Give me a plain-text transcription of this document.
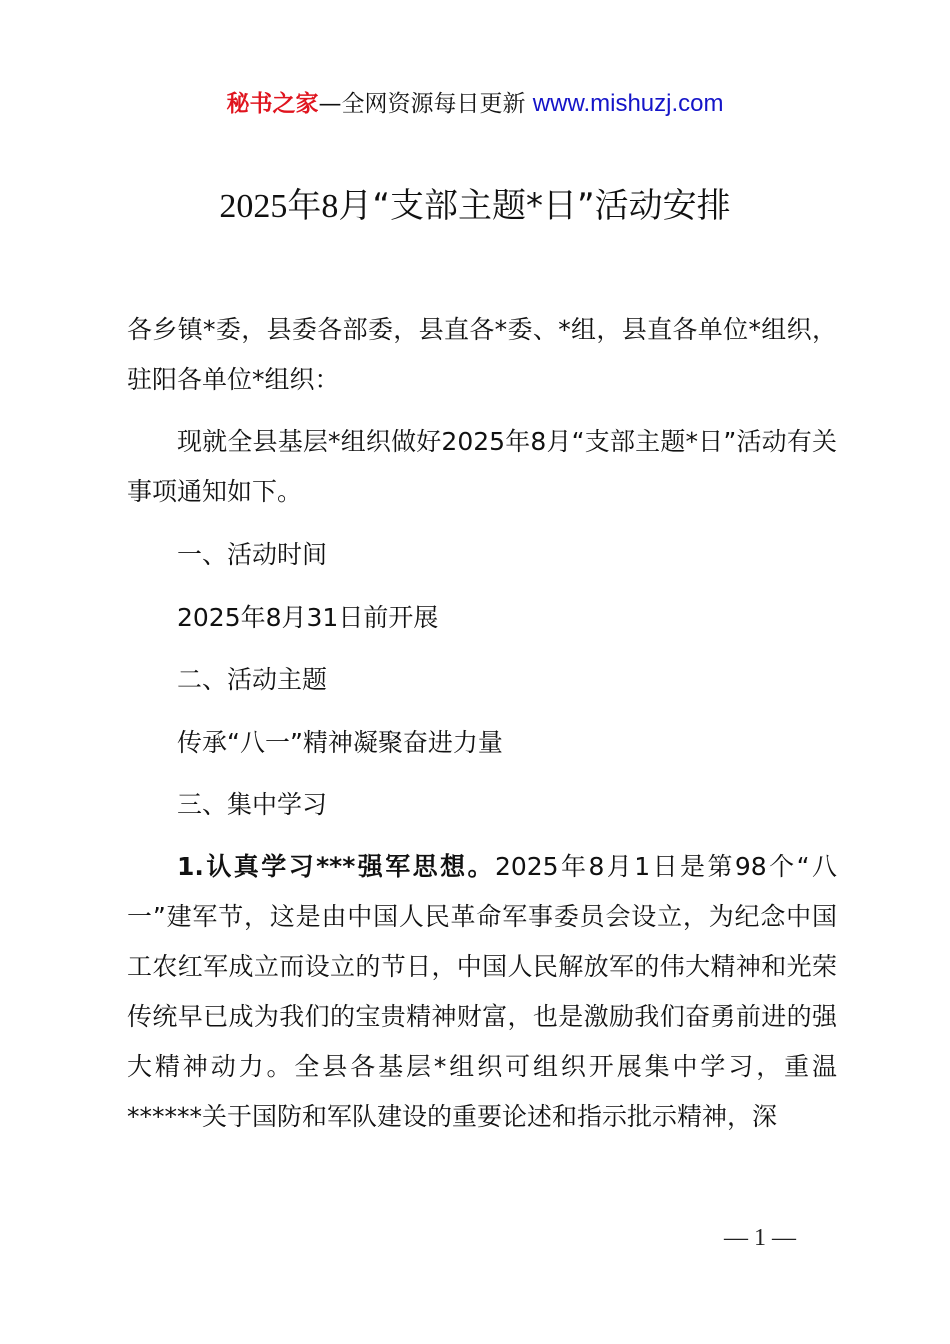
秘书之家—全网资源每日更新 www.mishuzj.com
2025年8月“支部主题*日”活动安排

各乡镇*委，县委各部委，县直各*委、*组，县直各单位*组织，驻阳各单位*组织：

现就全县基层*组织做好2025年8月“支部主题*日”活动有关事项通知如下。

一、活动时间

2025年8月31日前开展

二、活动主题

传承“八一”精神凝聚奋进力量

三、集中学习

1.认真学习***强军思想。2025年8月1日是第98个“八一”建军节，这是由中国人民革命军事委员会设立，为纪念中国工农红军成立而设立的节日，中国人民解放军的伟大精神和光荣传统早已成为我们的宝贵精神财富，也是激励我们奋勇前进的强大精神动力。全县各基层*组织可组织开展集中学习，重温******关于国防和军队建设的重要论述和指示批示精神，深

— 1 —
